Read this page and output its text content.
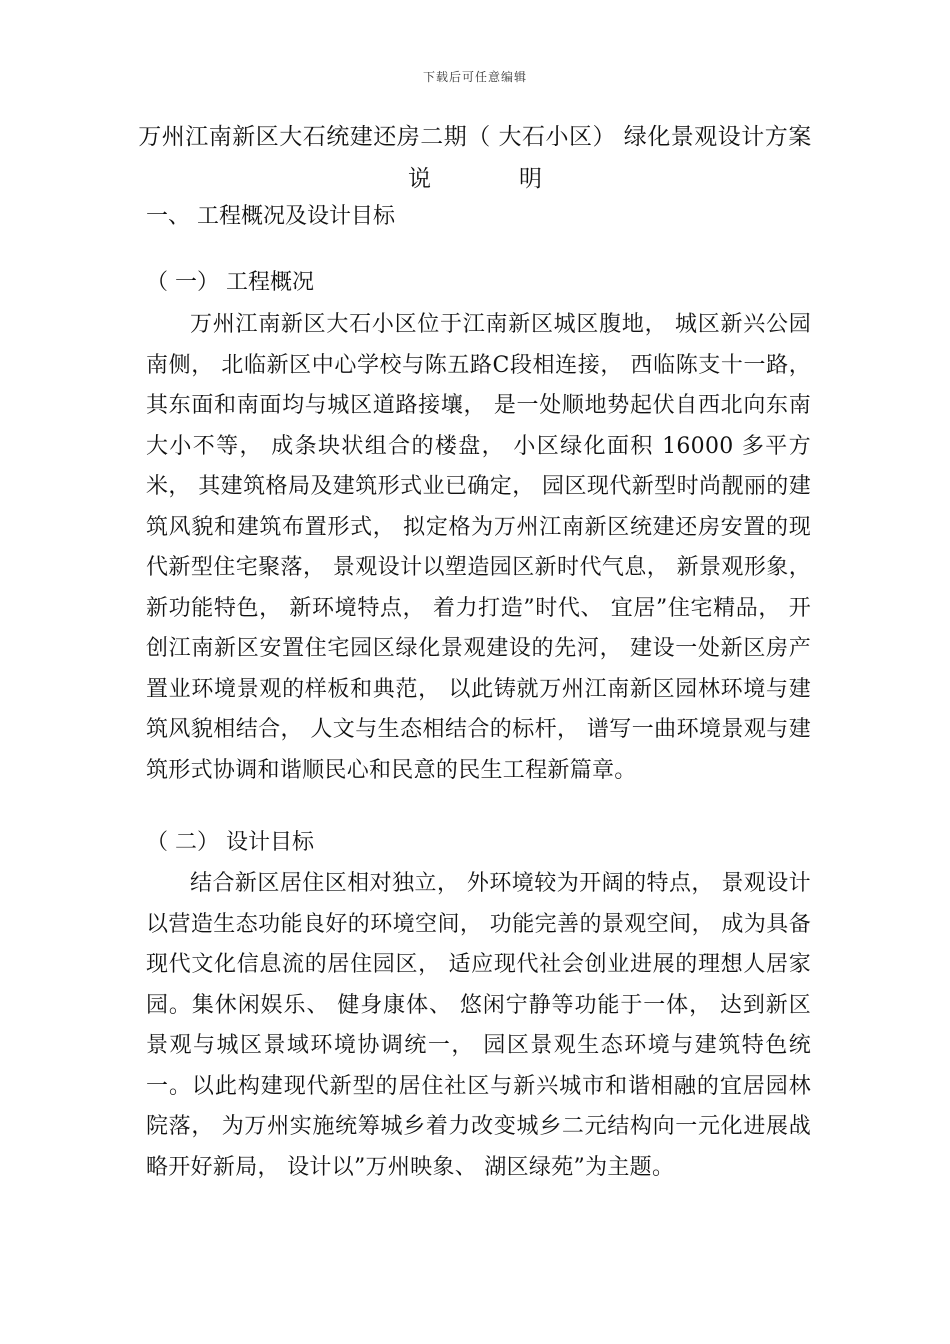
下载后可任意编辑
万州江南新区大石统建还房二期（ 大石小区） 绿化景观设计方案
说	明
一、 工程概况及设计目标
（ 一） 工程概况
万州江南新区大石小区位于江南新区城区腹地， 城区新兴公园南侧， 北临新区中心学校与陈五路C段相连接， 西临陈支十一路， 其东面和南面均与城区道路接壤， 是一处顺地势起伏自西北向东南大小不等， 成条块状组合的楼盘， 小区绿化面积 16000 多平方米， 其建筑格局及建筑形式业已确定， 园区现代新型时尚靓丽的建筑风貌和建筑布置形式， 拟定格为万州江南新区统建还房安置的现代新型住宅聚落， 景观设计以塑造园区新时代气息， 新景观形象， 新功能特色， 新环境特点， 着力打造”时代、 宜居”住宅精品， 开创江南新区安置住宅园区绿化景观建设的先河， 建设一处新区房产置业环境景观的样板和典范， 以此铸就万州江南新区园林环境与建筑风貌相结合， 人文与生态相结合的标杆， 谱写一曲环境景观与建筑形式协调和谐顺民心和民意的民生工程新篇章。
（ 二） 设计目标
结合新区居住区相对独立， 外环境较为开阔的特点， 景观设计以营造生态功能良好的环境空间， 功能完善的景观空间， 成为具备现代文化信息流的居住园区， 适应现代社会创业进展的理想人居家园。集休闲娱乐、 健身康体、 悠闲宁静等功能于一体， 达到新区景观与城区景域环境协调统一， 园区景观生态环境与建筑特色统一。以此构建现代新型的居住社区与新兴城市和谐相融的宜居园林院落， 为万州实施统筹城乡着力改变城乡二元结构向一元化进展战略开好新局， 设计以”万州映象、 湖区绿苑”为主题。
